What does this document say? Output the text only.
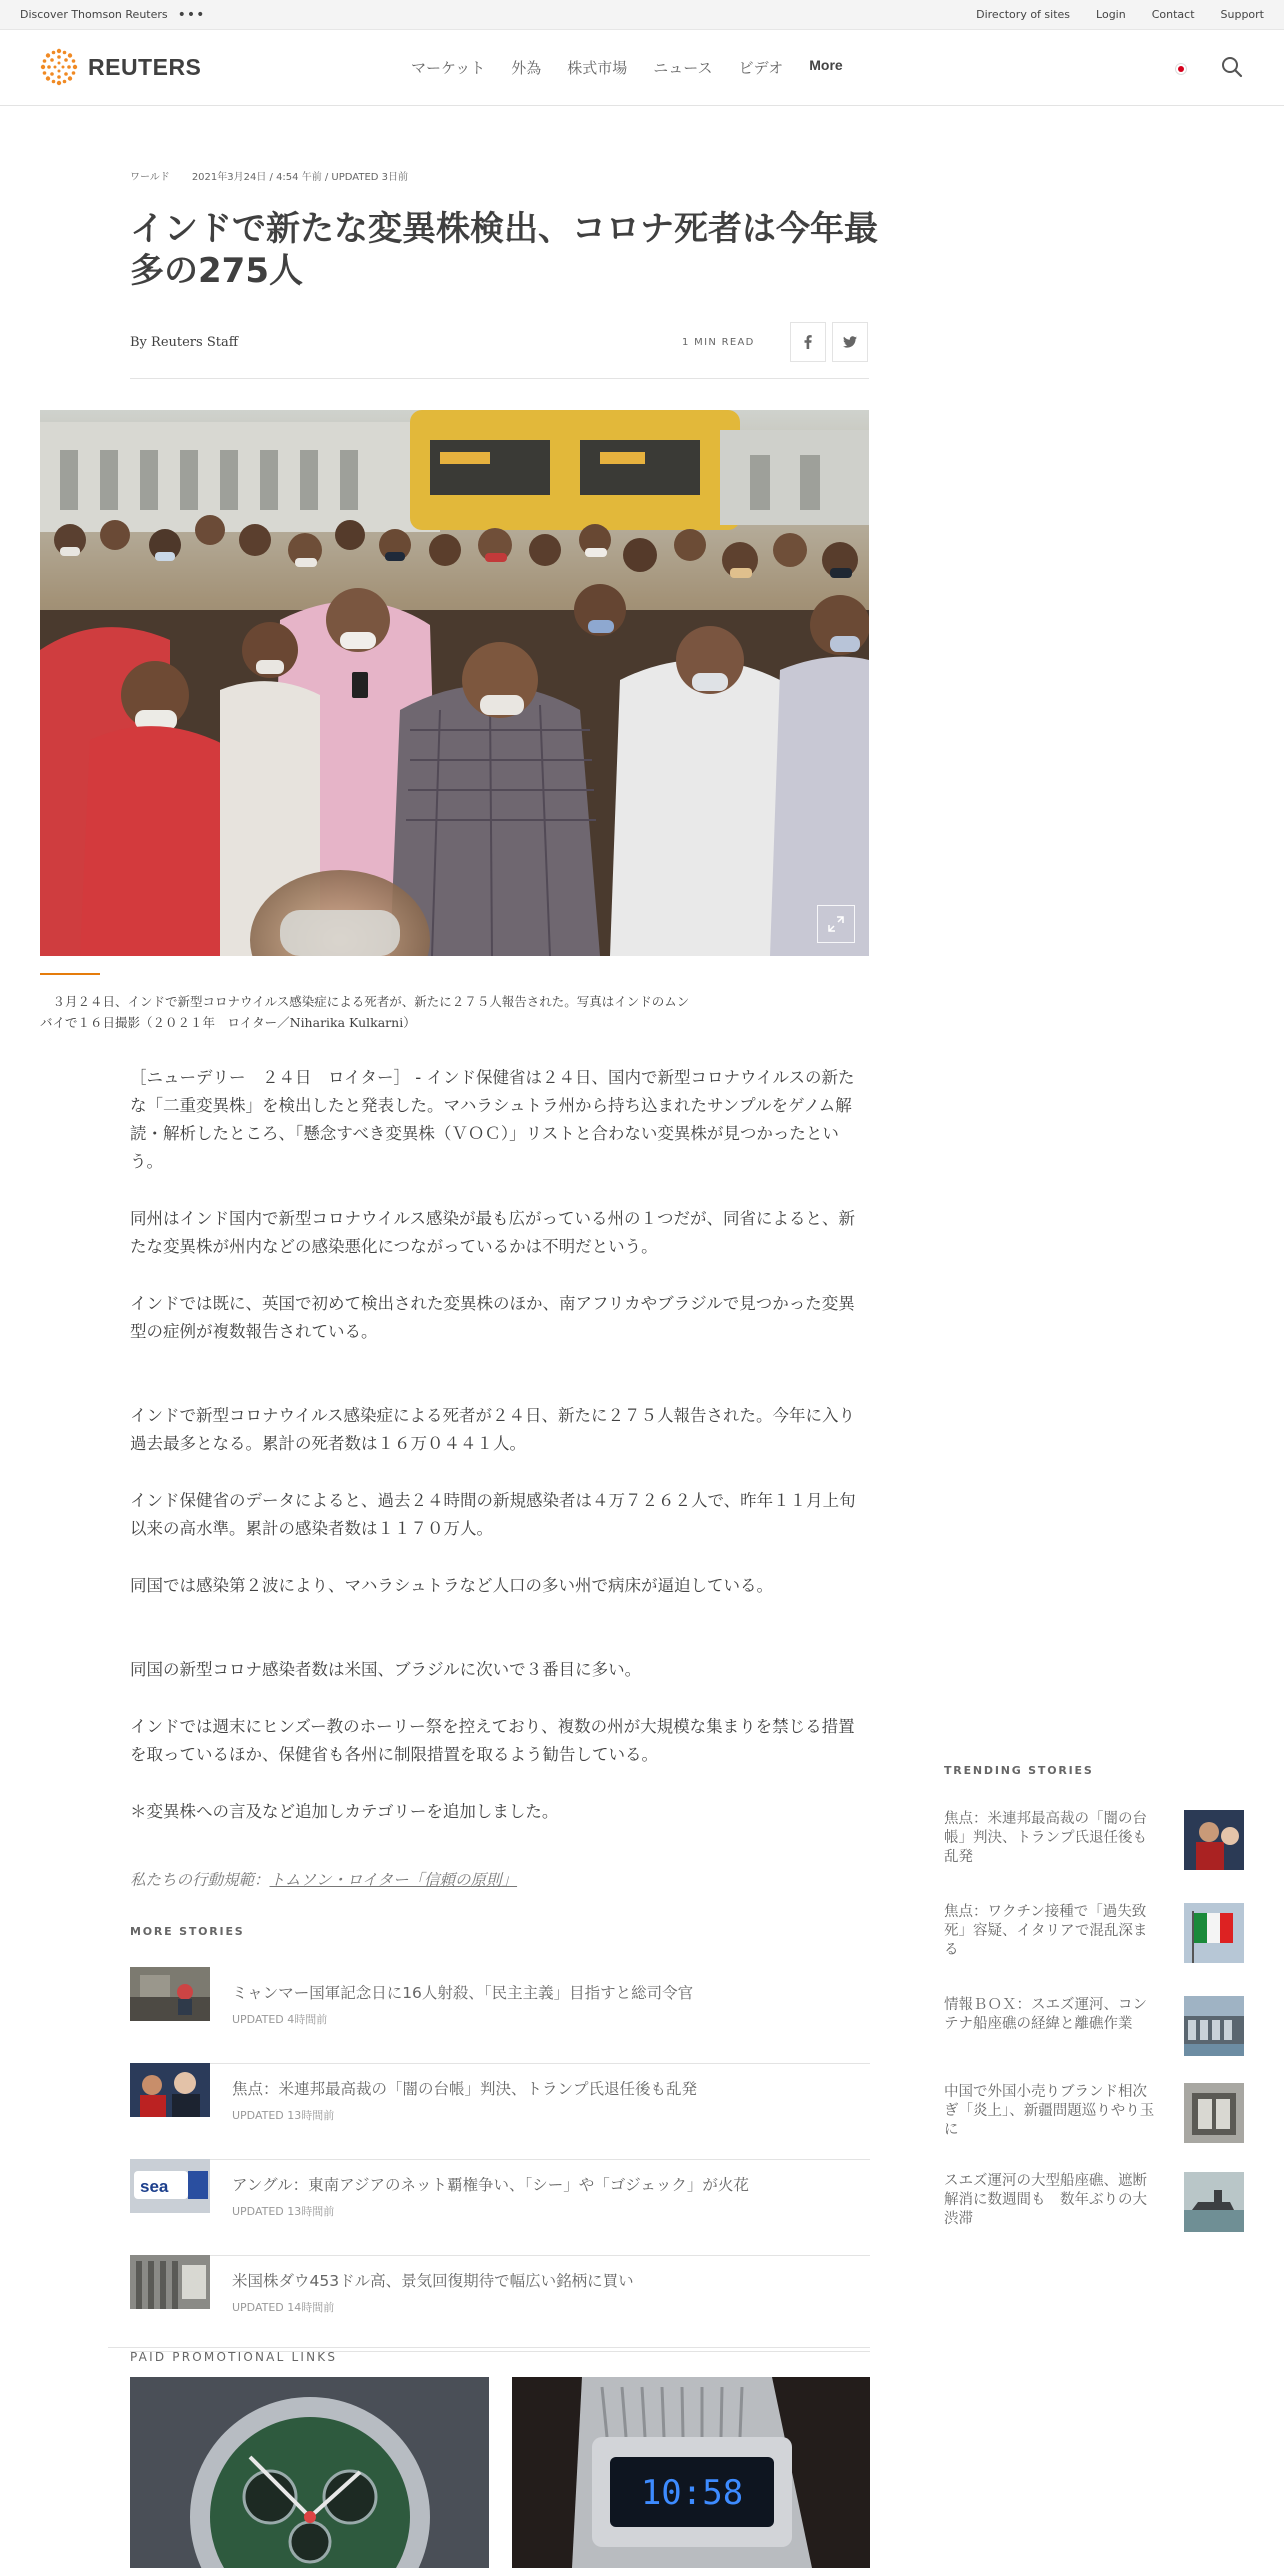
Discover Thomson Reuters •••	Directory of sites Login Contact Support
REUTERS	マーケット 外為 株式市場 ニュース ビデオ More
ワールド 2021年3月24日 / 4:54 午前 / UPDATED 3日前
インドで新たな変異株検出、コロナ死者は今年最多の275人
By Reuters Staff	1 MIN READ
３月２４日、インドで新型コロナウイルス感染症による死者が、新たに２７５人報告された。写真はインドのムンバイで１６日撮影（２０２１年　ロイター／Niharika Kulkarni）

［ニューデリー　２４日　ロイター］ - インド保健省は２４日、国内で新型コロナウイルスの新たな「二重変異株」を検出したと発表した。マハラシュトラ州から持ち込まれたサンプルをゲノム解読・解析したところ、「懸念すべき変異株（ＶＯＣ）」リストと合わない変異株が見つかったという。

同州はインド国内で新型コロナウイルス感染が最も広がっている州の１つだが、同省によると、新たな変異株が州内などの感染悪化につながっているかは不明だという。

インドでは既に、英国で初めて検出された変異株のほか、南アフリカやブラジルで見つかった変異型の症例が複数報告されている。

インドで新型コロナウイルス感染症による死者が２４日、新たに２７５人報告された。今年に入り過去最多となる。累計の死者数は１６万０４４１人。

インド保健省のデータによると、過去２４時間の新規感染者は４万７２６２人で、昨年１１月上旬以来の高水準。累計の感染者数は１１７０万人。

同国では感染第２波により、マハラシュトラなど人口の多い州で病床が逼迫している。

同国の新型コロナ感染者数は米国、ブラジルに次いで３番目に多い。

インドでは週末にヒンズー教のホーリー祭を控えており、複数の州が大規模な集まりを禁じる措置を取っているほか、保健省も各州に制限措置を取るよう勧告している。

＊変異株への言及など追加しカテゴリーを追加しました。

私たちの行動規範：トムソン・ロイター「信頼の原則」
MORE STORIES
ミャンマー国軍記念日に16人射殺、「民主主義」目指すと総司令官
UPDATED 4時間前
焦点：米連邦最高裁の「闇の台帳」判決、トランプ氏退任後も乱発
UPDATED 13時間前
sea	アングル：東南アジアのネット覇権争い、「シー」や「ゴジェック」が火花
UPDATED 13時間前
米国株ダウ453ドル高、景気回復期待で幅広い銘柄に買い
UPDATED 14時間前
PAID PROMOTIONAL LINKS
10:58
TRENDING STORIES
焦点：米連邦最高裁の「闇の台帳」判決、トランプ氏退任後も乱発
焦点：ワクチン接種で「過失致死」容疑、イタリアで混乱深まる
情報ＢＯＸ：スエズ運河、コンテナ船座礁の経緯と離礁作業
中国で外国小売りブランド相次ぎ「炎上」、新疆問題巡りやり玉に
スエズ運河の大型船座礁、遮断解消に数週間も　数年ぶりの大渋滞
